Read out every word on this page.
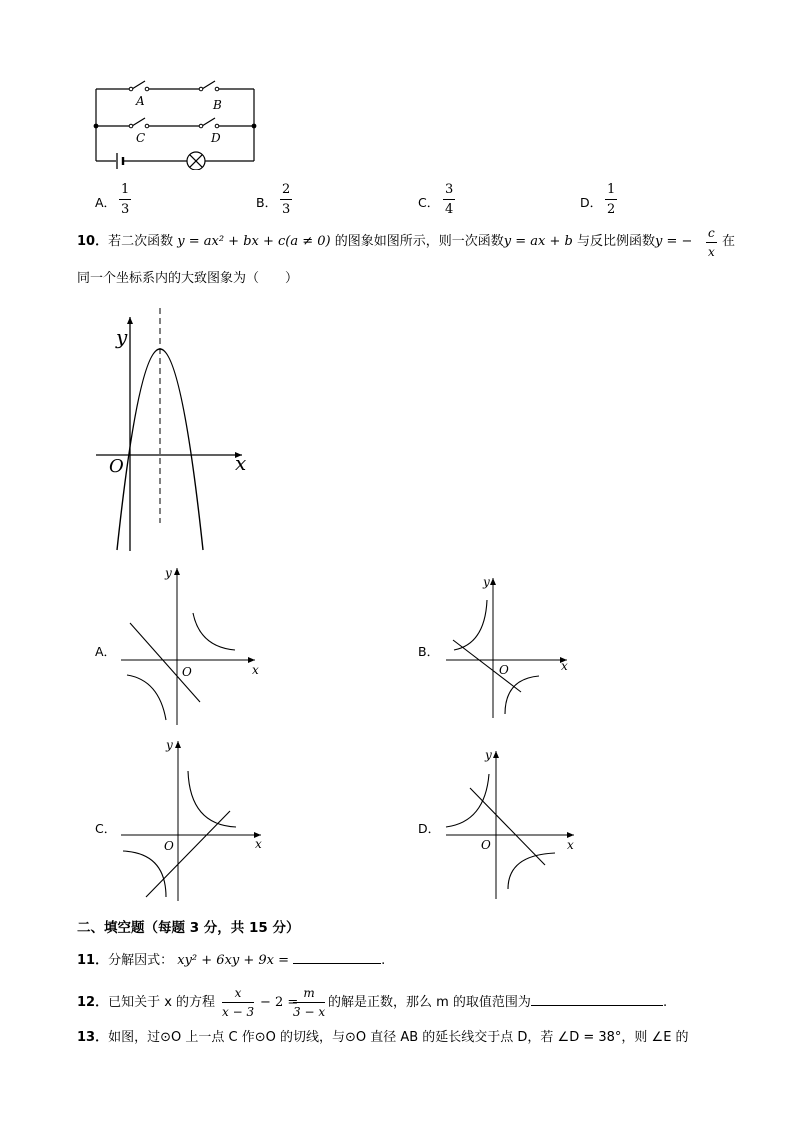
A	B
C	D
A． $\frac{1}{3}$	B． $\frac{2}{3}$	C． $\frac{3}{4}$	D． $\frac{1}{2}$
10．若二次函数 y = ax² + bx + c(a ≠ 0) 的图象如图所示，则一次函数y = ax + b 与反比例函数y = − $\frac{c}{x}$ 在
同一个坐标系内的大致图象为（　　）
y
x
O
A．
y
x
O
B．
y
x
O
C．
y
x
O
D．
y
x
O
二、填空题（每题 3 分，共 15 分）
11．分解因式： xy² + 6xy + 9x =	.
12．已知关于 x 的方程 $\frac{x}{x - 3} - 2$ =
$\frac{m}{3 - x}$ 的解是正数，那么 m 的取值范围为	.
13．如图，过⊙O 上一点 C 作⊙O 的切线，与⊙O 直径 AB 的延长线交于点 D，若 ∠D = 38°，则 ∠E 的
